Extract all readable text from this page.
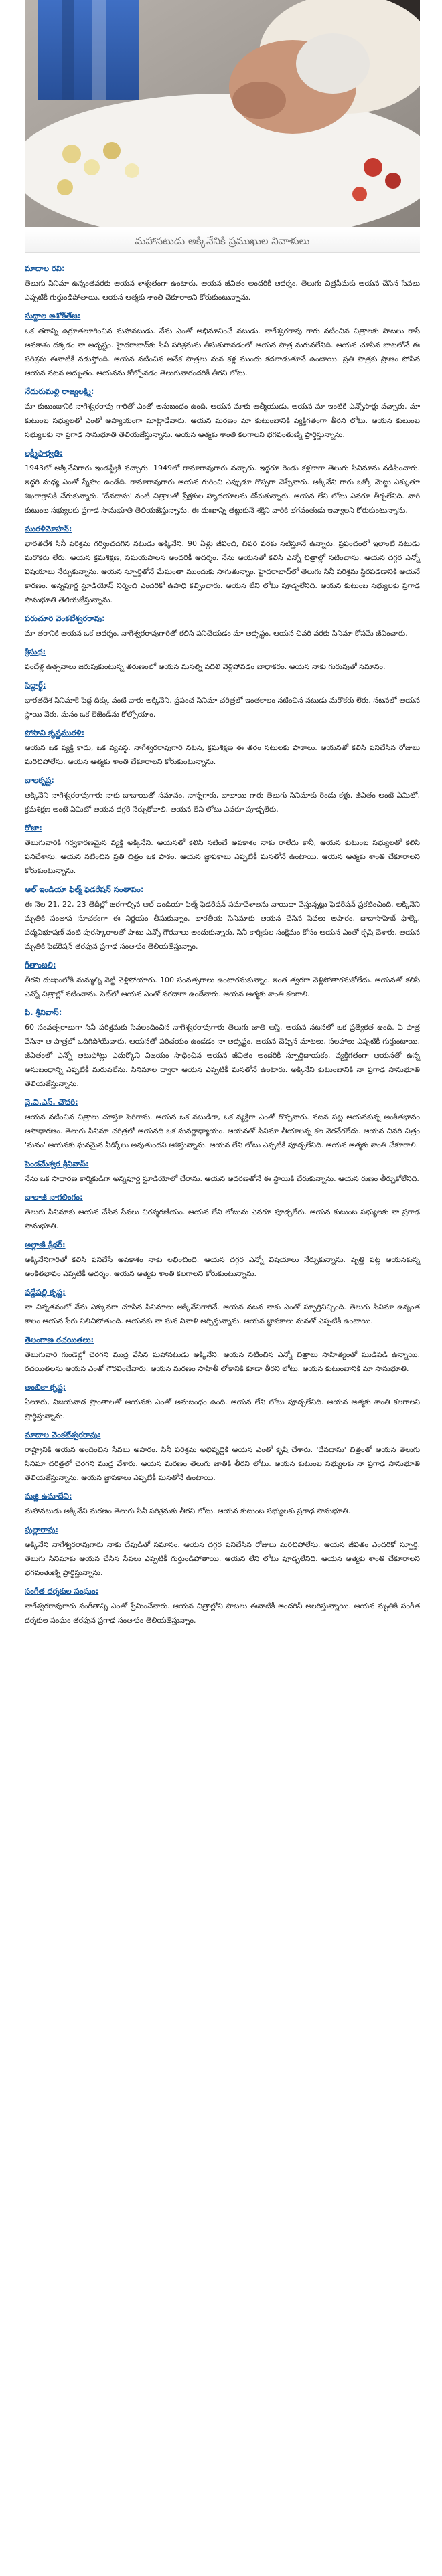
మహానటుడు అక్కినేనికి ప్రముఖుల నివాళులు
మాదాల రవి:

తెలుగు సినిమా ఉన్నంతవరకు ఆయన శాశ్వతంగా ఉంటారు. ఆయన జీవితం అందరికీ ఆదర్శం. తెలుగు చిత్రసీమకు ఆయన చేసిన సేవలు ఎప్పటికీ గుర్తుండిపోతాయి. ఆయన ఆత్మకు శాంతి చేకూరాలని కోరుకుంటున్నాను.

సుద్దాల అశోక్‌తేజ:

ఒక తరాన్ని ఉర్రూతలూగించిన మహానటుడు. నేను ఎంతో అభిమానించే నటుడు. నాగేశ్వరరావు గారు నటించిన చిత్రాలకు పాటలు రాసే అవకాశం దక్కడం నా అదృష్టం. హైదరాబాద్‌కు సినీ పరిశ్రమను తీసుకురావడంలో ఆయన పాత్ర మరువలేనిది. ఆయన చూపిన బాటలోనే ఈ పరిశ్రమ ఈనాటికీ నడుస్తోంది. ఆయన నటించిన అనేక పాత్రలు మన కళ్ల ముందు కదలాడుతూనే ఉంటాయి. ప్రతి పాత్రకు ప్రాణం పోసిన ఆయన నటన అద్భుతం. ఆయనను కోల్పోవడం తెలుగువారందరికీ తీరని లోటు.

నేదురుమల్లి రాజ్యలక్ష్మి:

మా కుటుంబానికి నాగేశ్వరరావు గారితో ఎంతో అనుబంధం ఉంది. ఆయన మాకు ఆత్మీయుడు. ఆయన మా ఇంటికి ఎన్నోసార్లు వచ్చారు. మా కుటుంబ సభ్యులతో ఎంతో ఆప్యాయంగా మాట్లాడేవారు. ఆయన మరణం మా కుటుంబానికి వ్యక్తిగతంగా తీరని లోటు. ఆయన కుటుంబ సభ్యులకు నా ప్రగాఢ సానుభూతి తెలియజేస్తున్నాను. ఆయన ఆత్మకు శాంతి కలగాలని భగవంతుణ్ని ప్రార్థిస్తున్నాను.

లక్ష్మీపార్వతి:

1943లో అక్కినేనిగారు ఇండస్ట్రీకి వచ్చారు. 1949లో రామారావుగారు వచ్చారు. ఇద్దరూ రెండు కళ్లలాగా తెలుగు సినిమాను నడిపించారు. ఇద్దరి మధ్య ఎంతో స్నేహం ఉండేది. రామారావుగారు ఆయన గురించి ఎప్పుడూ గొప్పగా చెప్పేవారు. అక్కినేని గారు ఒక్కో మెట్టు ఎక్కుతూ శిఖరాగ్రానికి చేరుకున్నారు. 'దేవదాసు' వంటి చిత్రాలతో ప్రేక్షకుల హృదయాలను దోచుకున్నారు. ఆయన లేని లోటు ఎవరూ తీర్చలేనిది. వారి కుటుంబ సభ్యులకు ప్రగాఢ సానుభూతి తెలియజేస్తున్నాను. ఈ దుఃఖాన్ని తట్టుకునే శక్తిని వారికి భగవంతుడు ఇవ్వాలని కోరుకుంటున్నాను.

మురళీమోహన్:

భారతదేశ సినీ పరిశ్రమ గర్వించదగిన నటుడు అక్కినేని. 90 ఏళ్లు జీవించి, చివరి వరకు నటిస్తూనే ఉన్నారు. ప్రపంచంలో ఇలాంటి నటుడు మరొకరు లేరు. ఆయన క్రమశిక్షణ, సమయపాలన అందరికీ ఆదర్శం. నేను ఆయనతో కలిసి ఎన్నో చిత్రాల్లో నటించాను. ఆయన దగ్గర ఎన్నో విషయాలు నేర్చుకున్నాను. ఆయన స్ఫూర్తితోనే మేమంతా ముందుకు సాగుతున్నాం. హైదరాబాద్‌లో తెలుగు సినీ పరిశ్రమ స్థిరపడడానికి ఆయనే కారణం. అన్నపూర్ణ స్టూడియోస్ నిర్మించి ఎందరికో ఉపాధి కల్పించారు. ఆయన లేని లోటు పూడ్చలేనిది. ఆయన కుటుంబ సభ్యులకు ప్రగాఢ సానుభూతి తెలియజేస్తున్నాను.

పరుచూరి వెంకటేశ్వరరావు:

మా తరానికి ఆయన ఒక ఆదర్శం. నాగేశ్వరరావుగారితో కలిసి పనిచేయడం మా అదృష్టం. ఆయన చివరి వరకు సినిమా కోసమే జీవించారు.

శ్రీసుధ:

వందేళ్ల ఉత్సవాలు జరుపుకుంటున్న తరుణంలో ఆయన మనల్ని వదిలి వెళ్లిపోవడం బాధాకరం. ఆయన నాకు గురువుతో సమానం.

సిద్ధార్థ్:

భారతదేశ సినిమాకే పెద్ద దిక్కు వంటి వారు అక్కినేని. ప్రపంచ సినిమా చరిత్రలో ఇంతకాలం నటించిన నటుడు మరొకరు లేరు. నటనలో ఆయన స్థాయి వేరు. మనం ఒక లెజెండ్‌ను కోల్పోయాం.

పోసాని కృష్ణమురళి:

ఆయన ఒక వ్యక్తి కాదు, ఒక వ్యవస్థ. నాగేశ్వరరావుగారి నటన, క్రమశిక్షణ ఈ తరం నటులకు పాఠాలు. ఆయనతో కలిసి పనిచేసిన రోజులు మరిచిపోలేను. ఆయన ఆత్మకు శాంతి చేకూరాలని కోరుకుంటున్నాను.

బాలకృష్ణ:

అక్కినేని నాగేశ్వరరావుగారు నాకు బాబాయితో సమానం. నాన్నగారు, బాబాయి గారు తెలుగు సినిమాకు రెండు కళ్లు. జీవితం అంటే ఏమిటో, క్రమశిక్షణ అంటే ఏమిటో ఆయన దగ్గరే నేర్చుకోవాలి. ఆయన లేని లోటు ఎవరూ పూడ్చలేరు.

రోజా:

తెలుగువారికి గర్వకారణమైన వ్యక్తి అక్కినేని. ఆయనతో కలిసి నటించే అవకాశం నాకు రాలేదు కానీ, ఆయన కుటుంబ సభ్యులతో కలిసి పనిచేశాను. ఆయన నటించిన ప్రతి చిత్రం ఒక పాఠం. ఆయన జ్ఞాపకాలు ఎప్పటికీ మనతోనే ఉంటాయి. ఆయన ఆత్మకు శాంతి చేకూరాలని కోరుకుంటున్నాను.

ఆల్ ఇండియా ఫిల్మ్ ఫెడరేషన్ సంతాపం:

ఈ నెల 21, 22, 23 తేదీల్లో జరగాల్సిన ఆల్ ఇండియా ఫిల్మ్ ఫెడరేషన్ సమావేశాలను వాయిదా వేస్తున్నట్లు ఫెడరేషన్ ప్రకటించింది. అక్కినేని మృతికి సంతాప సూచకంగా ఈ నిర్ణయం తీసుకున్నాం. భారతీయ సినిమాకు ఆయన చేసిన సేవలు అపారం. దాదాసాహెబ్ ఫాల్కే, పద్మవిభూషణ్ వంటి పురస్కారాలతో పాటు ఎన్నో గౌరవాలు అందుకున్నారు. సినీ కార్మికుల సంక్షేమం కోసం ఆయన ఎంతో కృషి చేశారు. ఆయన మృతికి ఫెడరేషన్ తరఫున ప్రగాఢ సంతాపం తెలియజేస్తున్నాం.

గీతాంజలి:

తీరని దుఃఖంలోకి మమ్మల్ని నెట్టి వెళ్లిపోయారు. 100 సంవత్సరాలు ఉంటారనుకున్నాం. ఇంత త్వరగా వెళ్లిపోతారనుకోలేదు. ఆయనతో కలిసి ఎన్నో చిత్రాల్లో నటించాను. సెట్‌లో ఆయన ఎంతో సరదాగా ఉండేవారు. ఆయన ఆత్మకు శాంతి కలగాలి.

పి. శ్రీనివాస్:

60 సంవత్సరాలుగా సినీ పరిశ్రమకు సేవలందించిన నాగేశ్వరరావుగారు తెలుగు జాతి ఆస్తి. ఆయన నటనలో ఒక ప్రత్యేకత ఉంది. ఏ పాత్ర వేసినా ఆ పాత్రలో ఒదిగిపోయేవారు. ఆయనతో పరిచయం ఉండడం నా అదృష్టం. ఆయన చెప్పిన మాటలు, సలహాలు ఎప్పటికీ గుర్తుంటాయి. జీవితంలో ఎన్నో ఆటుపోట్లు ఎదుర్కొని విజయం సాధించిన ఆయన జీవితం అందరికీ స్ఫూర్తిదాయకం. వ్యక్తిగతంగా ఆయనతో ఉన్న అనుబంధాన్ని ఎప్పటికీ మరువలేను. సినిమాల ద్వారా ఆయన ఎప్పటికీ మనతోనే ఉంటారు. అక్కినేని కుటుంబానికి నా ప్రగాఢ సానుభూతి తెలియజేస్తున్నాను.

వై.వి.ఎస్. చౌదరి:

ఆయన నటించిన చిత్రాలు చూస్తూ పెరిగాను. ఆయన ఒక నటుడిగా, ఒక వ్యక్తిగా ఎంతో గొప్పవారు. నటన పట్ల ఆయనకున్న అంకితభావం అసాధారణం. తెలుగు సినిమా చరిత్రలో ఆయనది ఒక సువర్ణాధ్యాయం. ఆయనతో సినిమా తీయాలన్న కల నెరవేరలేదు. ఆయన చివరి చిత్రం 'మనం' ఆయనకు ఘనమైన వీడ్కోలు అవుతుందని ఆశిస్తున్నాను. ఆయన లేని లోటు ఎప్పటికీ పూడ్చలేనిది. ఆయన ఆత్మకు శాంతి చేకూరాలి.

పెండమేశ్వర శ్రీనివాస్:

నేను ఒక సాధారణ కార్మికుడిగా అన్నపూర్ణ స్టూడియోలో చేరాను. ఆయన ఆదరణతోనే ఈ స్థాయికి చేరుకున్నాను. ఆయన రుణం తీర్చుకోలేనిది.

బాలాజీ నాగలింగం:

తెలుగు సినిమాకు ఆయన చేసిన సేవలు చిరస్మరణీయం. ఆయన లేని లోటును ఎవరూ పూడ్చలేరు. ఆయన కుటుంబ సభ్యులకు నా ప్రగాఢ సానుభూతి.

అల్లాణి శ్రీధర్:

అక్కినేనిగారితో కలిసి పనిచేసే అవకాశం నాకు లభించింది. ఆయన దగ్గర ఎన్నో విషయాలు నేర్చుకున్నాను. వృత్తి పట్ల ఆయనకున్న అంకితభావం ఎప్పటికీ ఆదర్శం. ఆయన ఆత్మకు శాంతి కలగాలని కోరుకుంటున్నాను.

వడ్డేపల్లి కృష్ణ:

నా చిన్నతనంలో నేను ఎక్కువగా చూసిన సినిమాలు అక్కినేనిగారివే. ఆయన నటన నాకు ఎంతో స్ఫూర్తినిచ్చింది. తెలుగు సినిమా ఉన్నంత కాలం ఆయన పేరు నిలిచిపోతుంది. ఆయనకు నా ఘన నివాళి అర్పిస్తున్నాను. ఆయన జ్ఞాపకాలు మనతో ఎప్పటికీ ఉంటాయి.

తెలంగాణ రచయితలు:

తెలుగువారి గుండెల్లో చెరగని ముద్ర వేసిన మహానటుడు అక్కినేని. ఆయన నటించిన ఎన్నో చిత్రాలు సాహిత్యంతో ముడిపడి ఉన్నాయి. రచయితలను ఆయన ఎంతో గౌరవించేవారు. ఆయన మరణం సాహితీ లోకానికి కూడా తీరని లోటు. ఆయన కుటుంబానికి మా సానుభూతి.

అంబికా కృష్ణ:

ఏలూరు, విజయవాడ ప్రాంతాలతో ఆయనకు ఎంతో అనుబంధం ఉంది. ఆయన లేని లోటు పూడ్చలేనిది. ఆయన ఆత్మకు శాంతి కలగాలని ప్రార్థిస్తున్నాను.

మాదాల వెంకటేశ్వరరావు:

రాష్ట్రానికి ఆయన అందించిన సేవలు అపారం. సినీ పరిశ్రమ అభివృద్ధికి ఆయన ఎంతో కృషి చేశారు. 'దేవదాసు' చిత్రంతో ఆయన తెలుగు సినిమా చరిత్రలో చెరగని ముద్ర వేశారు. ఆయన మరణం తెలుగు జాతికి తీరని లోటు. ఆయన కుటుంబ సభ్యులకు నా ప్రగాఢ సానుభూతి తెలియజేస్తున్నాను. ఆయన జ్ఞాపకాలు ఎప్పటికీ మనతోనే ఉంటాయి.

మజ్జి ఉమాదేవి:

మహానటుడు అక్కినేని మరణం తెలుగు సినీ పరిశ్రమకు తీరని లోటు. ఆయన కుటుంబ సభ్యులకు ప్రగాఢ సానుభూతి.

పుల్లారావు:

అక్కినేని నాగేశ్వరరావుగారు నాకు దేవుడితో సమానం. ఆయన దగ్గర పనిచేసిన రోజులు మరిచిపోలేను. ఆయన జీవితం ఎందరికో స్ఫూర్తి. తెలుగు సినిమాకు ఆయన చేసిన సేవలు ఎప్పటికీ గుర్తుండిపోతాయి. ఆయన లేని లోటు పూడ్చలేనిది. ఆయన ఆత్మకు శాంతి చేకూరాలని భగవంతుణ్ని ప్రార్థిస్తున్నాను.

సంగీత దర్శకుల సంఘం:

నాగేశ్వరరావుగారు సంగీతాన్ని ఎంతో ప్రేమించేవారు. ఆయన చిత్రాల్లోని పాటలు ఈనాటికీ అందరినీ అలరిస్తున్నాయి. ఆయన మృతికి సంగీత దర్శకుల సంఘం తరఫున ప్రగాఢ సంతాపం తెలియజేస్తున్నాం.
